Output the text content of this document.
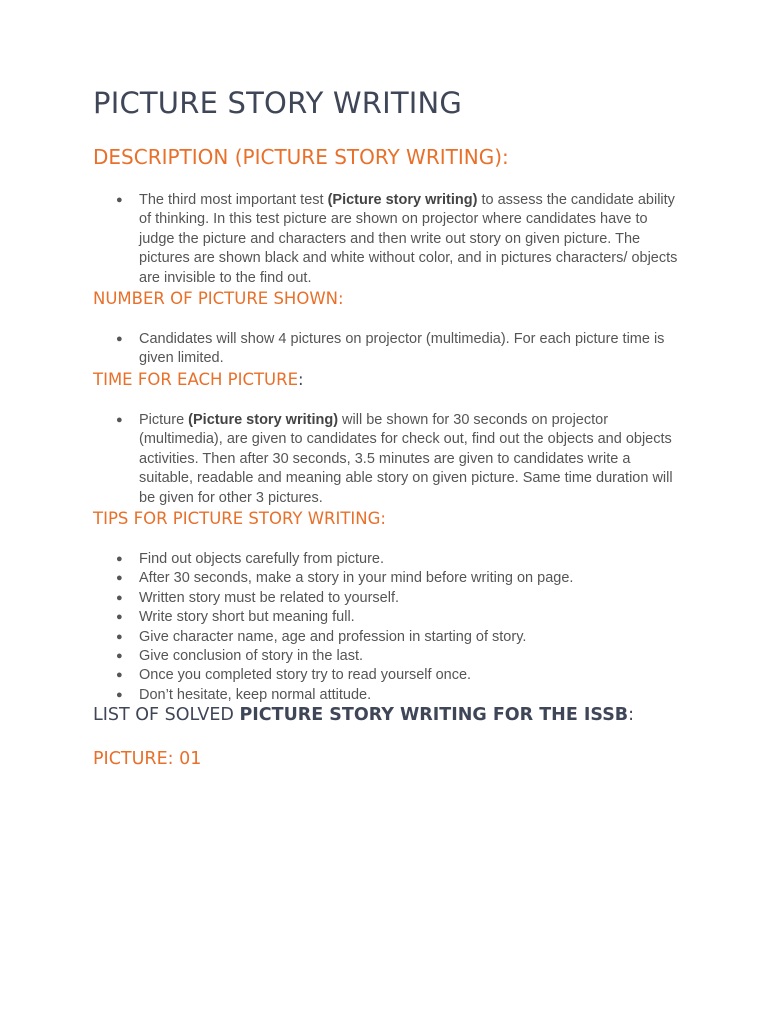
PICTURE STORY WRITING
DESCRIPTION (PICTURE STORY WRITING):
● The third most important test (Picture story writing) to assess the candidate ability of thinking. In this test picture are shown on projector where candidates have to judge the picture and characters and then write out story on given picture. The pictures are shown black and white without color, and in pictures characters/ objects are invisible to the find out.
NUMBER OF PICTURE SHOWN:
● Candidates will show 4 pictures on projector (multimedia). For each picture time is given limited.
TIME FOR EACH PICTURE:
● Picture (Picture story writing) will be shown for 30 seconds on projector (multimedia), are given to candidates for check out, find out the objects and objects activities. Then after 30 seconds, 3.5 minutes are given to candidates write a suitable, readable and meaning able story on given picture. Same time duration will be given for other 3 pictures.
TIPS FOR PICTURE STORY WRITING:
● Find out objects carefully from picture.
● After 30 seconds, make a story in your mind before writing on page.
● Written story must be related to yourself.
● Write story short but meaning full.
● Give character name, age and profession in starting of story.
● Give conclusion of story in the last.
● Once you completed story try to read yourself once.
● Don’t hesitate, keep normal attitude.
LIST OF SOLVED PICTURE STORY WRITING FOR THE ISSB:
PICTURE: 01
